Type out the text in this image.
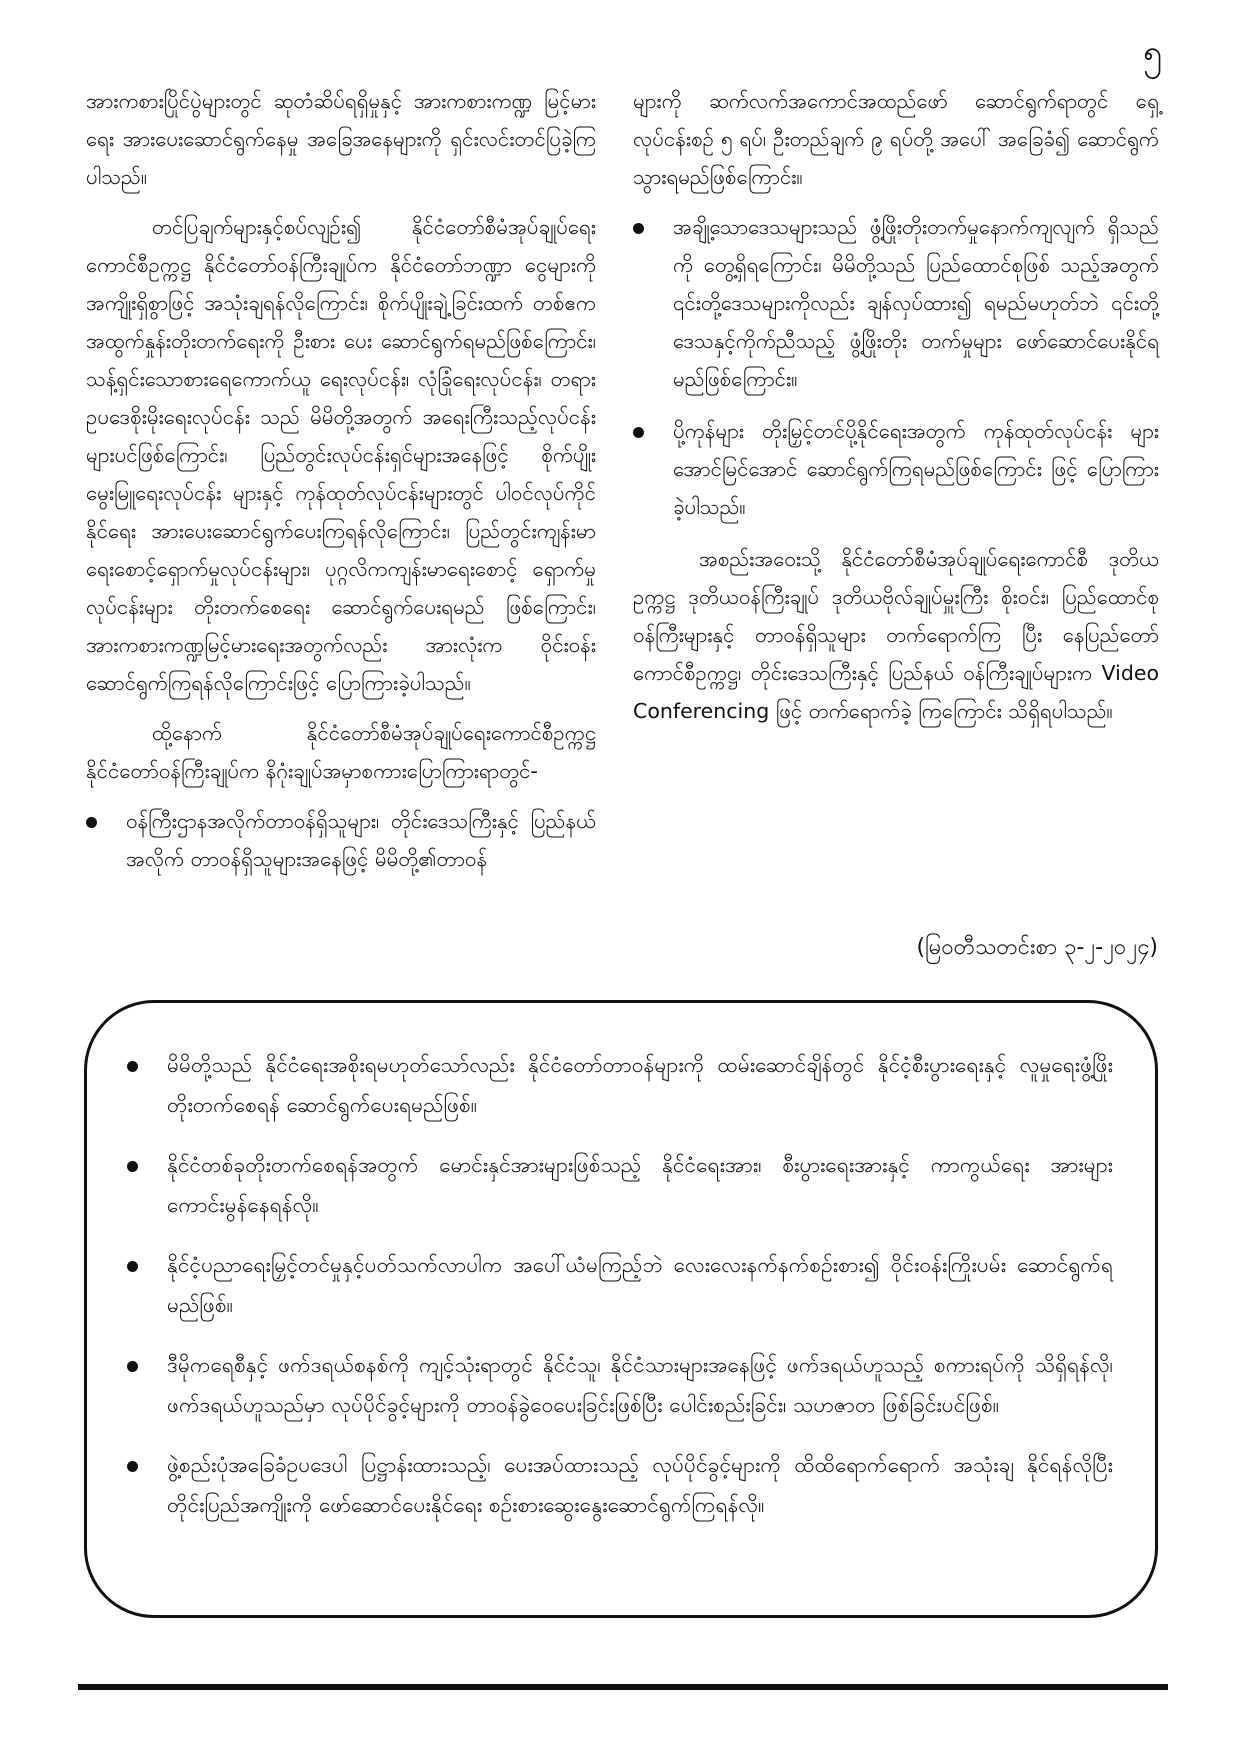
၅

အားကစားပြိုင်ပွဲများတွင် ဆုတံဆိပ်ရရှိမှုနှင့် အားကစားကဏ္ဍ မြင့်မားရေး အားပေးဆောင်ရွက်နေမှု အခြေအနေများကို ရှင်းလင်းတင်ပြခဲ့ကြပါသည်။

တင်ပြချက်များနှင့်စပ်လျဉ်း၍ နိုင်ငံတော်စီမံအုပ်ချုပ်ရေး ကောင်စီဥက္ကဋ္ဌ နိုင်ငံတော်ဝန်ကြီးချုပ်က နိုင်ငံတော်ဘဏ္ဍာ ငွေများကို အကျိုးရှိစွာဖြင့် အသုံးချရန်လိုကြောင်း၊ စိုက်ပျိုးချဲ့ခြင်းထက် တစ်ဧကအထွက်နှုန်းတိုးတက်ရေးကို ဦးစား ပေး ဆောင်ရွက်ရမည်ဖြစ်ကြောင်း၊ သန့်ရှင်းသောစားရေကောက်ယူ ရေးလုပ်ငန်း၊ လုံခြုံရေးလုပ်ငန်း၊ တရားဥပဒေစိုးမိုးရေးလုပ်ငန်း သည် မိမိတို့အတွက် အရေးကြီးသည့်လုပ်ငန်းများပင်ဖြစ်ကြောင်း၊ ပြည်တွင်းလုပ်ငန်းရှင်များအနေဖြင့် စိုက်ပျိုးမွေးမြူရေးလုပ်ငန်း များနှင့် ကုန်ထုတ်လုပ်ငန်းများတွင် ပါဝင်လုပ်ကိုင်နိုင်ရေး အားပေးဆောင်ရွက်ပေးကြရန်လိုကြောင်း၊ ပြည်တွင်းကျန်းမာ ရေးစောင့်ရှောက်မှုလုပ်ငန်းများ၊ ပုဂ္ဂလိကကျန်းမာရေးစောင့် ရှောက်မှုလုပ်ငန်းများ တိုးတက်စေရေး ဆောင်ရွက်ပေးရမည် ဖြစ်ကြောင်း၊ အားကစားကဏ္ဍမြင့်မားရေးအတွက်လည်း အားလုံးက ဝိုင်းဝန်းဆောင်ရွက်ကြရန်လိုကြောင်းဖြင့် ပြောကြားခဲ့ပါသည်။

ထို့နောက် နိုင်ငံတော်စီမံအုပ်ချုပ်ရေးကောင်စီဥက္ကဋ္ဌ နိုင်ငံတော်ဝန်ကြီးချုပ်က နိဂုံးချုပ်အမှာစကားပြောကြားရာတွင်-

ဝန်ကြီးဌာနအလိုက်တာဝန်ရှိသူများ၊ တိုင်းဒေသကြီးနှင့် ပြည်နယ်အလိုက် တာဝန်ရှိသူများအနေဖြင့် မိမိတို့၏တာဝန်

များကို ဆက်လက်အကောင်အထည်ဖော် ဆောင်ရွက်ရာတွင် ရှေ့လုပ်ငန်းစဉ် ၅ ရပ်၊ ဦးတည်ချက် ၉ ရပ်တို့ အပေါ် အခြေခံ၍ ဆောင်ရွက်သွားရမည်ဖြစ်ကြောင်း။

အချို့သောဒေသများသည် ဖွံ့ဖြိုးတိုးတက်မှုနောက်ကျလျက် ရှိသည်ကို တွေ့ရှိရကြောင်း၊ မိမိတို့သည် ပြည်ထောင်စုဖြစ် သည့်အတွက် ၎င်းတို့ဒေသများကိုလည်း ချန်လှပ်ထား၍ ရမည်မဟုတ်ဘဲ ၎င်းတို့ဒေသနှင့်ကိုက်ညီသည့် ဖွံ့ဖြိုးတိုး တက်မှုများ ဖော်ဆောင်ပေးနိုင်ရမည်ဖြစ်ကြောင်း။
ပို့ကုန်များ တိုးမြှင့်တင်ပို့နိုင်ရေးအတွက် ကုန်ထုတ်လုပ်ငန်း များအောင်မြင်အောင် ဆောင်ရွက်ကြရမည်ဖြစ်ကြောင်း ဖြင့် ပြောကြားခဲ့ပါသည်။

အစည်းအဝေးသို့ နိုင်ငံတော်စီမံအုပ်ချုပ်ရေးကောင်စီ ဒုတိယဥက္ကဋ္ဌ ဒုတိယဝန်ကြီးချုပ် ဒုတိယဗိုလ်ချုပ်မှူးကြီး စိုးဝင်း၊ ပြည်ထောင်စုဝန်ကြီးများနှင့် တာဝန်ရှိသူများ တက်ရောက်ကြ ပြီး နေပြည်တော်ကောင်စီဥက္ကဋ္ဌ၊ တိုင်းဒေသကြီးနှင့် ပြည်နယ် ဝန်ကြီးချုပ်များက Video Conferencing ဖြင့် တက်ရောက်ခဲ့ ကြကြောင်း သိရှိရပါသည်။

(မြဝတီသတင်းစာ ၃-၂-၂၀၂၄)
မိမိတို့သည် နိုင်ငံရေးအစိုးရမဟုတ်သော်လည်း နိုင်ငံတော်တာဝန်များကို ထမ်းဆောင်ချိန်တွင် နိုင်ငံ့စီးပွားရေးနှင့် လူမှုရေးဖွံ့ဖြိုးတိုးတက်စေရန် ဆောင်ရွက်ပေးရမည်ဖြစ်။
နိုင်ငံတစ်ခုတိုးတက်စေရန်အတွက် မောင်းနှင်အားများဖြစ်သည့် နိုင်ငံရေးအား၊ စီးပွားရေးအားနှင့် ကာကွယ်ရေး အားများ ကောင်းမွန်နေရန်လို။
နိုင်ငံ့ပညာရေးမြှင့်တင်မှုနှင့်ပတ်သက်လာပါက အပေါ်ယံမကြည့်ဘဲ လေးလေးနက်နက်စဉ်းစား၍ ဝိုင်းဝန်းကြိုးပမ်း ဆောင်ရွက်ရမည်ဖြစ်။
ဒီမိုကရေစီနှင့် ဖက်ဒရယ်စနစ်ကို ကျင့်သုံးရာတွင် နိုင်ငံသူ၊ နိုင်ငံသားများအနေဖြင့် ဖက်ဒရယ်ဟူသည့် စကားရပ်ကို သိရှိရန်လို၊ ဖက်ဒရယ်ဟူသည်မှာ လုပ်ပိုင်ခွင့်များကို တာဝန်ခွဲဝေပေးခြင်းဖြစ်ပြီး ပေါင်းစည်းခြင်း၊ သဟဇာတ ဖြစ်ခြင်းပင်ဖြစ်။
ဖွဲ့စည်းပုံအခြေခံဥပဒေပါ ပြဋ္ဌာန်းထားသည့်၊ ပေးအပ်ထားသည့် လုပ်ပိုင်ခွင့်များကို ထိထိရောက်ရောက် အသုံးချ နိုင်ရန်လိုပြီး တိုင်းပြည်အကျိုးကို ဖော်ဆောင်ပေးနိုင်ရေး စဉ်းစားဆွေးနွေးဆောင်ရွက်ကြရန်လို။
